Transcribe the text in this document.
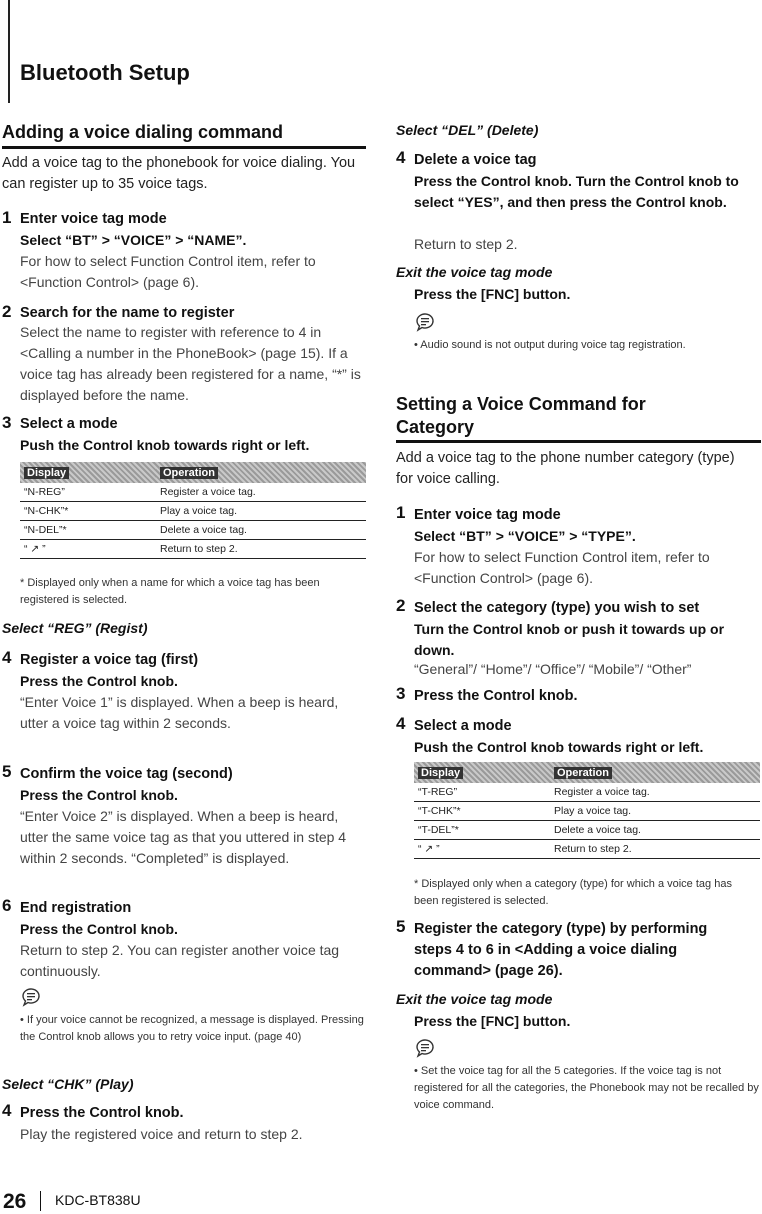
Bluetooth Setup
Adding a voice dialing command
Add a voice tag to the phonebook for voice dialing. You can register up to 35 voice tags.
1 Enter voice tag mode
Select “BT” > “VOICE” > “NAME”.
For how to select Function Control item, refer to <Function Control> (page 6).
2 Search for the name to register
Select the name to register with reference to 4 in <Calling a number in the PhoneBook> (page 15). If a voice tag has already been registered for a name, “*” is displayed before the name.
3 Select a mode
Push the Control knob towards right or left.
Display	Operation
“N-REG”	Register a voice tag.
“N-CHK”*	Play a voice tag.
“N-DEL”*	Delete a voice tag.
“ ↗ ”	Return to step 2.
* Displayed only when a name for which a voice tag has been registered is selected.
Select “REG” (Regist)
4 Register a voice tag (first)
Press the Control knob.
“Enter Voice 1” is displayed. When a beep is heard, utter a voice tag within 2 seconds.
5 Confirm the voice tag (second)
Press the Control knob.
“Enter Voice 2” is displayed. When a beep is heard, utter the same voice tag as that you uttered in step 4 within 2 seconds. “Completed” is displayed.
6 End registration
Press the Control knob.
Return to step 2. You can register another voice tag continuously.
• If your voice cannot be recognized, a message is displayed. Pressing the Control knob allows you to retry voice input. (page 40)
Select “CHK” (Play)
4 Press the Control knob.
Play the registered voice and return to step 2.
Select “DEL” (Delete)
4 Delete a voice tag
Press the Control knob. Turn the Control knob to select “YES”, and then press the Control knob.
Return to step 2.
Exit the voice tag mode
Press the [FNC] button.
• Audio sound is not output during voice tag registration.
Setting a Voice Command for Category
Add a voice tag to the phone number category (type) for voice calling.
1 Enter voice tag mode
Select “BT” > “VOICE” > “TYPE”.
For how to select Function Control item, refer to <Function Control> (page 6).
2 Select the category (type) you wish to set
Turn the Control knob or push it towards up or down.
“General”/ “Home”/ “Office”/ “Mobile”/ “Other”
3 Press the Control knob.
4 Select a mode
Push the Control knob towards right or left.
Display	Operation
“T-REG”	Register a voice tag.
“T-CHK”*	Play a voice tag.
“T-DEL”*	Delete a voice tag.
“ ↗ ”	Return to step 2.
* Displayed only when a category (type) for which a voice tag has been registered is selected.
5 Register the category (type) by performing steps 4 to 6 in <Adding a voice dialing command> (page 26).
Exit the voice tag mode
Press the [FNC] button.
• Set the voice tag for all the 5 categories. If the voice tag is not registered for all the categories, the Phonebook may not be recalled by voice command.
26 KDC-BT838U
